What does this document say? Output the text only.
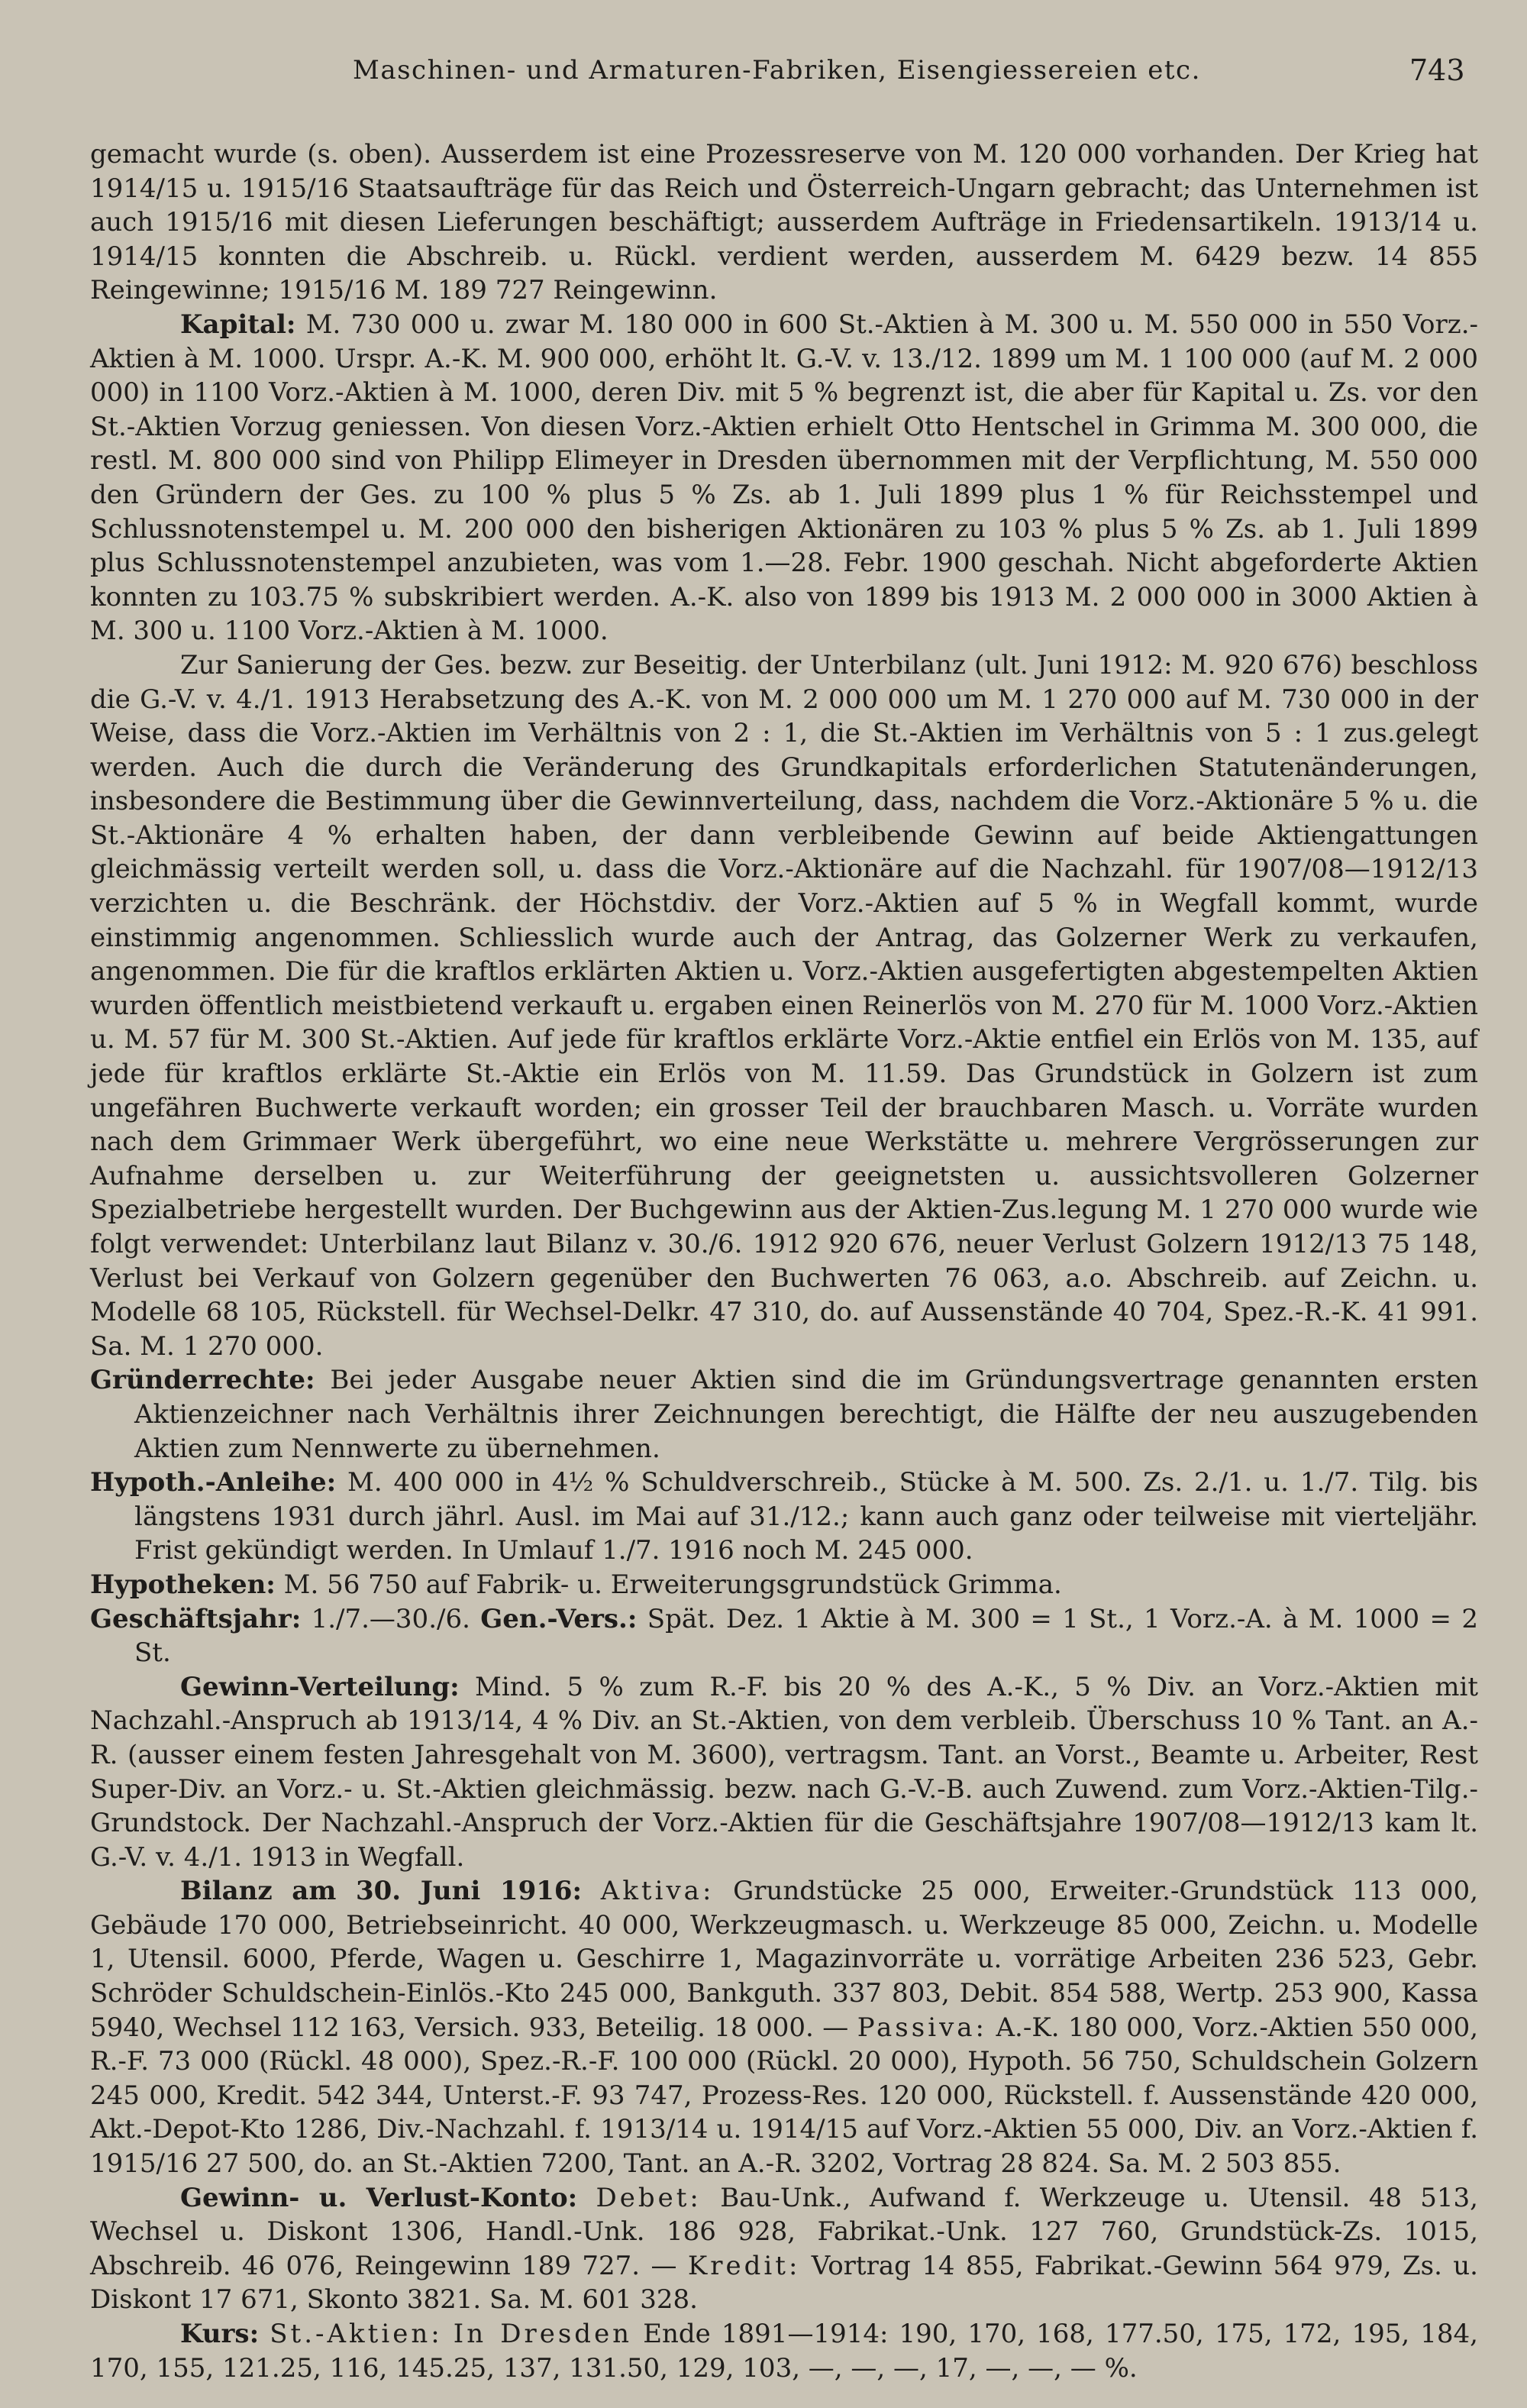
Maschinen- und Armaturen-Fabriken, Eisengiessereien etc.	743

gemacht wurde (s. oben). Ausserdem ist eine Prozessreserve von M. 120 000 vorhanden. Der Krieg hat 1914/15 u. 1915/16 Staatsaufträge für das Reich und Österreich-Ungarn gebracht; das Unternehmen ist auch 1915/16 mit diesen Lieferungen beschäftigt; ausserdem Aufträge in Friedensartikeln. 1913/14 u. 1914/15 konnten die Abschreib. u. Rückl. verdient werden, ausserdem M. 6429 bezw. 14 855 Reingewinne; 1915/16 M. 189 727 Reingewinn.

Kapital: M. 730 000 u. zwar M. 180 000 in 600 St.-Aktien à M. 300 u. M. 550 000 in 550 Vorz.-Aktien à M. 1000. Urspr. A.-K. M. 900 000, erhöht lt. G.-V. v. 13./12. 1899 um M. 1 100 000 (auf M. 2 000 000) in 1100 Vorz.-Aktien à M. 1000, deren Div. mit 5 % begrenzt ist, die aber für Kapital u. Zs. vor den St.-Aktien Vorzug geniessen. Von diesen Vorz.-Aktien erhielt Otto Hentschel in Grimma M. 300 000, die restl. M. 800 000 sind von Philipp Elimeyer in Dresden übernommen mit der Verpflichtung, M. 550 000 den Gründern der Ges. zu 100 % plus 5 % Zs. ab 1. Juli 1899 plus 1 % für Reichsstempel und Schlussnotenstempel u. M. 200 000 den bisherigen Aktionären zu 103 % plus 5 % Zs. ab 1. Juli 1899 plus Schlussnotenstempel anzubieten, was vom 1.—28. Febr. 1900 geschah. Nicht abgeforderte Aktien konnten zu 103.75 % subskribiert werden. A.-K. also von 1899 bis 1913 M. 2 000 000 in 3000 Aktien à M. 300 u. 1100 Vorz.-Aktien à M. 1000.

Zur Sanierung der Ges. bezw. zur Beseitig. der Unterbilanz (ult. Juni 1912: M. 920 676) beschloss die G.-V. v. 4./1. 1913 Herabsetzung des A.-K. von M. 2 000 000 um M. 1 270 000 auf M. 730 000 in der Weise, dass die Vorz.-Aktien im Verhältnis von 2 : 1, die St.-Aktien im Verhältnis von 5 : 1 zus.gelegt werden. Auch die durch die Veränderung des Grundkapitals erforderlichen Statutenänderungen, insbesondere die Bestimmung über die Gewinnverteilung, dass, nachdem die Vorz.-Aktionäre 5 % u. die St.-Aktionäre 4 % erhalten haben, der dann verbleibende Gewinn auf beide Aktiengattungen gleichmässig verteilt werden soll, u. dass die Vorz.-Aktionäre auf die Nachzahl. für 1907/08—1912/13 verzichten u. die Beschränk. der Höchstdiv. der Vorz.-Aktien auf 5 % in Wegfall kommt, wurde einstimmig angenommen. Schliesslich wurde auch der Antrag, das Golzerner Werk zu verkaufen, angenommen. Die für die kraftlos erklärten Aktien u. Vorz.-Aktien ausgefertigten abgestempelten Aktien wurden öffentlich meistbietend verkauft u. ergaben einen Reinerlös von M. 270 für M. 1000 Vorz.-Aktien u. M. 57 für M. 300 St.-Aktien. Auf jede für kraftlos erklärte Vorz.-Aktie entfiel ein Erlös von M. 135, auf jede für kraftlos erklärte St.-Aktie ein Erlös von M. 11.59. Das Grundstück in Golzern ist zum ungefähren Buchwerte verkauft worden; ein grosser Teil der brauchbaren Masch. u. Vorräte wurden nach dem Grimmaer Werk übergeführt, wo eine neue Werkstätte u. mehrere Vergrösserungen zur Aufnahme derselben u. zur Weiterführung der geeignetsten u. aussichtsvolleren Golzerner Spezialbetriebe hergestellt wurden. Der Buchgewinn aus der Aktien-Zus.legung M. 1 270 000 wurde wie folgt verwendet: Unterbilanz laut Bilanz v. 30./6. 1912 920 676, neuer Verlust Golzern 1912/13 75 148, Verlust bei Verkauf von Golzern gegenüber den Buchwerten 76 063, a.o. Abschreib. auf Zeichn. u. Modelle 68 105, Rückstell. für Wechsel-Delkr. 47 310, do. auf Aussenstände 40 704, Spez.-R.-K. 41 991. Sa. M. 1 270 000.

Gründerrechte: Bei jeder Ausgabe neuer Aktien sind die im Gründungsvertrage genannten ersten Aktienzeichner nach Verhältnis ihrer Zeichnungen berechtigt, die Hälfte der neu auszugebenden Aktien zum Nennwerte zu übernehmen.

Hypoth.-Anleihe: M. 400 000 in 4½ % Schuldverschreib., Stücke à M. 500. Zs. 2./1. u. 1./7. Tilg. bis längstens 1931 durch jährl. Ausl. im Mai auf 31./12.; kann auch ganz oder teilweise mit vierteljähr. Frist gekündigt werden. In Umlauf 1./7. 1916 noch M. 245 000.

Hypotheken: M. 56 750 auf Fabrik- u. Erweiterungsgrundstück Grimma.

Geschäftsjahr: 1./7.—30./6. Gen.-Vers.: Spät. Dez. 1 Aktie à M. 300 = 1 St., 1 Vorz.-A. à M. 1000 = 2 St.

Gewinn-Verteilung: Mind. 5 % zum R.-F. bis 20 % des A.-K., 5 % Div. an Vorz.-Aktien mit Nachzahl.-Anspruch ab 1913/14, 4 % Div. an St.-Aktien, von dem verbleib. Überschuss 10 % Tant. an A.-R. (ausser einem festen Jahresgehalt von M. 3600), vertragsm. Tant. an Vorst., Beamte u. Arbeiter, Rest Super-Div. an Vorz.- u. St.-Aktien gleichmässig. bezw. nach G.-V.-B. auch Zuwend. zum Vorz.-Aktien-Tilg.-Grundstock. Der Nachzahl.-Anspruch der Vorz.-Aktien für die Geschäftsjahre 1907/08—1912/13 kam lt. G.-V. v. 4./1. 1913 in Wegfall.

Bilanz am 30. Juni 1916: Aktiva: Grundstücke 25 000, Erweiter.-Grundstück 113 000, Gebäude 170 000, Betriebseinricht. 40 000, Werkzeugmasch. u. Werkzeuge 85 000, Zeichn. u. Modelle 1, Utensil. 6000, Pferde, Wagen u. Geschirre 1, Magazinvorräte u. vorrätige Arbeiten 236 523, Gebr. Schröder Schuldschein-Einlös.-Kto 245 000, Bankguth. 337 803, Debit. 854 588, Wertp. 253 900, Kassa 5940, Wechsel 112 163, Versich. 933, Beteilig. 18 000. — Passiva: A.-K. 180 000, Vorz.-Aktien 550 000, R.-F. 73 000 (Rückl. 48 000), Spez.-R.-F. 100 000 (Rückl. 20 000), Hypoth. 56 750, Schuldschein Golzern 245 000, Kredit. 542 344, Unterst.-F. 93 747, Prozess-Res. 120 000, Rückstell. f. Aussenstände 420 000, Akt.-Depot-Kto 1286, Div.-Nachzahl. f. 1913/14 u. 1914/15 auf Vorz.-Aktien 55 000, Div. an Vorz.-Aktien f. 1915/16 27 500, do. an St.-Aktien 7200, Tant. an A.-R. 3202, Vortrag 28 824. Sa. M. 2 503 855.

Gewinn- u. Verlust-Konto: Debet: Bau-Unk., Aufwand f. Werkzeuge u. Utensil. 48 513, Wechsel u. Diskont 1306, Handl.-Unk. 186 928, Fabrikat.-Unk. 127 760, Grundstück-Zs. 1015, Abschreib. 46 076, Reingewinn 189 727. — Kredit: Vortrag 14 855, Fabrikat.-Gewinn 564 979, Zs. u. Diskont 17 671, Skonto 3821. Sa. M. 601 328.

Kurs: St.-Aktien: In Dresden Ende 1891—1914: 190, 170, 168, 177.50, 175, 172, 195, 184, 170, 155, 121.25, 116, 145.25, 137, 131.50, 129, 103, —, —, —, 17, —, —, — %.
